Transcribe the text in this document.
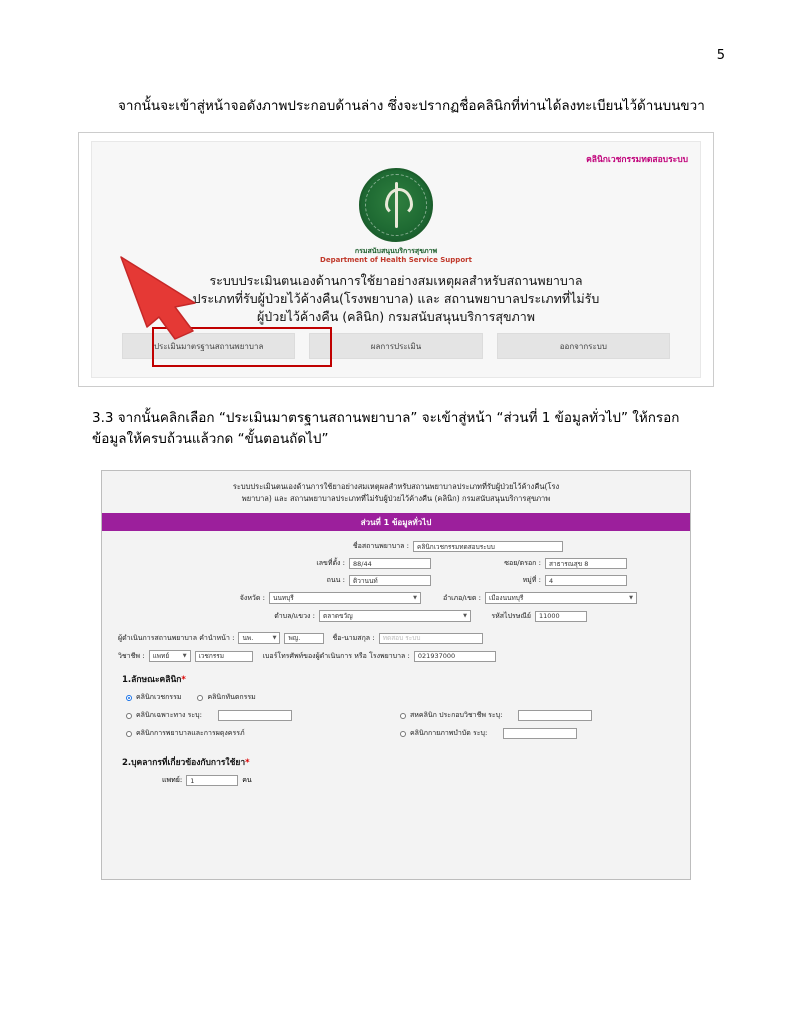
5
จากนั้นจะเข้าสู่หน้าจอดังภาพประกอบด้านล่าง ซึ่งจะปรากฏชื่อคลินิกที่ท่านได้ลงทะเบียนไว้ด้านบนขวา
คลินิกเวชกรรมทดสอบระบบ
กรมสนับสนุนบริการสุขภาพ
Department of Health Service Support
ระบบประเมินตนเองด้านการใช้ยาอย่างสมเหตุผลสำหรับสถานพยาบาล
ประเภทที่รับผู้ป่วยไว้ค้างคืน(โรงพยาบาล) และ สถานพยาบาลประเภทที่ไม่รับ
ผู้ป่วยไว้ค้างคืน (คลินิก) กรมสนับสนุนบริการสุขภาพ
ประเมินมาตรฐานสถานพยาบาล	ผลการประเมิน	ออกจากระบบ
3.3 จากนั้นคลิกเลือก “ประเมินมาตรฐานสถานพยาบาล” จะเข้าสู่หน้า “ส่วนที่ 1 ข้อมูลทั่วไป” ให้กรอกข้อมูลให้ครบถ้วนแล้วกด “ขั้นตอนถัดไป”
ระบบประเมินตนเองด้านการใช้ยาอย่างสมเหตุผลสำหรับสถานพยาบาลประเภทที่รับผู้ป่วยไว้ค้างคืน(โรง
พยาบาล) และ สถานพยาบาลประเภทที่ไม่รับผู้ป่วยไว้ค้างคืน (คลินิก) กรมสนับสนุนบริการสุขภาพ
ส่วนที่ 1 ข้อมูลทั่วไป
ชื่อสถานพยาบาล :	คลินิกเวชกรรมทดสอบระบบ
เลขที่ตั้ง :	88/44	ซอย/ตรอก :	สาธารณสุข 8
ถนน :	ติวานนท์	หมู่ที่ :	4
จังหวัด :	นนทบุรี	▼	อำเภอ/เขต :	เมืองนนทบุรี	▼
ตำบล/แขวง :	ตลาดขวัญ	▼	รหัสไปรษณีย์	11000
ผู้ดำเนินการสถานพยาบาล คำนำหน้า :	นพ.	▼	พญ.	ชื่อ-นามสกุล :	ทดสอบ ระบบ
วิชาชีพ :	แพทย์	▼	เวชกรรม	เบอร์โทรศัพท์ของผู้ดำเนินการ หรือ โรงพยาบาล :	021937000
1.ลักษณะคลินิก*
คลินิกเวชกรรม	คลินิกทันตกรรม
คลินิกเฉพาะทาง ระบุ:	สหคลินิก ประกอบวิชาชีพ ระบุ:
คลินิกการพยาบาลและการผดุงครรภ์	คลินิกกายภาพบำบัด ระบุ:
2.บุคลากรที่เกี่ยวข้องกับการใช้ยา*
แพทย์:	1	คน
